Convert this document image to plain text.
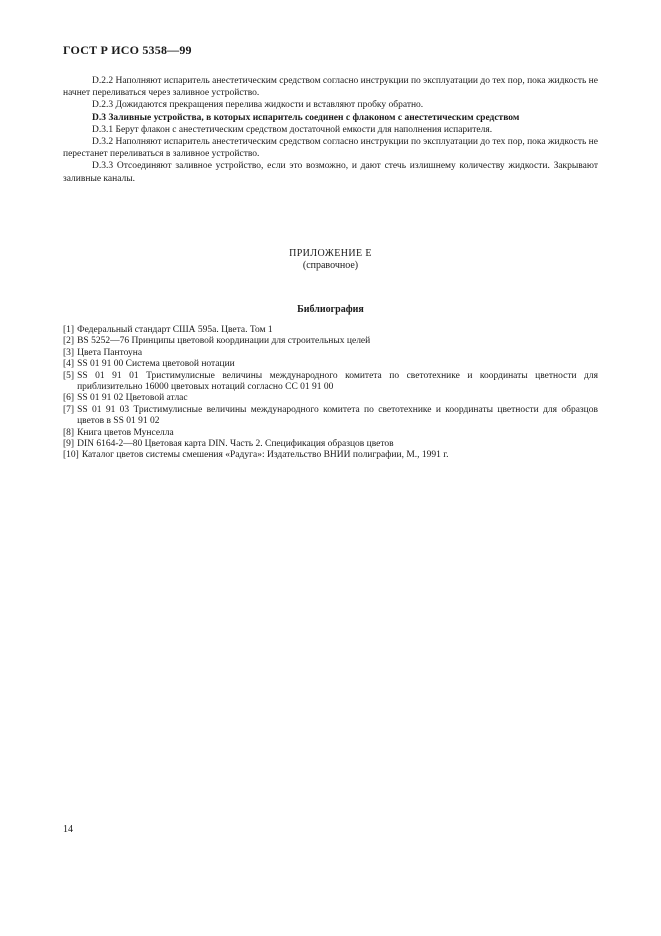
ГОСТ Р ИСО 5358—99

D.2.2 Наполняют испаритель анестетическим средством согласно инструкции по эксплуатации до тех пор, пока жидкость не начнет переливаться через заливное устройство.

D.2.3 Дожидаются прекращения перелива жидкости и вставляют пробку обратно.

D.3 Заливные устройства, в которых испаритель соединен с флаконом с анестетическим средством

D.3.1 Берут флакон с анестетическим средством достаточной емкости для наполнения испарителя.

D.3.2 Наполняют испаритель анестетическим средством согласно инструкции по эксплуатации до тех пор, пока жидкость не перестанет переливаться в заливное устройство.

D.3.3 Отсоединяют заливное устройство, если это возможно, и дают стечь излишнему количеству жидкости. Закрывают заливные каналы.

ПРИЛОЖЕНИЕ Е
(справочное)
Библиография
[1] Федеральный стандарт США 595а. Цвета. Том 1
[2] BS 5252—76 Принципы цветовой координации для строительных целей
[3] Цвета Пантоуна
[4] SS 01 91 00 Система цветовой нотации
[5] SS 01 91 01 Тристимулисные величины международного комитета по светотехнике и координаты цветности для приблизительно 16000 цветовых нотаций согласно СС 01 91 00
[6] SS 01 91 02 Цветовой атлас
[7] SS 01 91 03 Тристимулисные величины международного комитета по светотехнике и координаты цветности для образцов цветов в SS 01 91 02
[8] Книга цветов Мунселла
[9] DIN 6164-2—80 Цветовая карта DIN. Часть 2. Спецификация образцов цветов
[10] Каталог цветов системы смешения «Радуга»: Издательство ВНИИ полиграфии, М., 1991 г.
14
